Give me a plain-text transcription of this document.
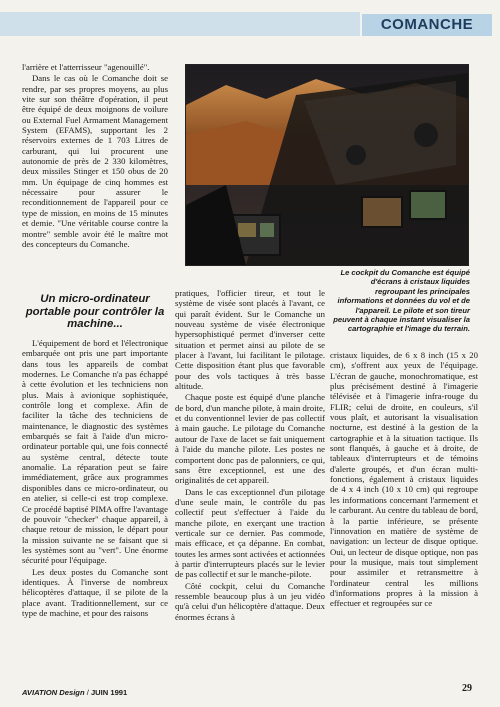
COMANCHE

l'arrière et l'atterrisseur "agenouillé".

Dans le cas où le Comanche doit se rendre, par ses propres moyens, au plus vite sur son théâtre d'opération, il peut être équipé de deux moignons de voilure ou External Fuel Armament Management System (EFAMS), supportant les 2 réservoirs externes de 1 703 Litres de carburant, qui lui procurent une autonomie de près de 2 330 kilomètres, deux missiles Stinger et 150 obus de 20 mm. Un équipage de cinq hommes est nécessaire pour assurer le reconditionnement de l'appareil pour ce type de mission, en moins de 15 minutes et demie. "Une véritable course contre la montre" semble avoir été le maître mot des concepteurs du Comanche.

Un micro-ordinateur portable pour contrôler la machine...

L'équipement de bord et l'électronique embarquée ont pris une part importante dans tous les appareils de combat modernes. Le Comanche n'a pas échappé à cette évolution et les techniciens non plus. Mais à avionique sophistiquée, contrôle long et complexe. Afin de faciliter la tâche des techniciens de maintenance, le diagnostic des systèmes embarqués se fait à l'aide d'un micro-ordinateur portable qui, une fois connecté au système central, détecte toute anomalie. La réparation peut se faire immédiatement, grâce aux programmes disponibles dans ce micro-ordinateur, ou en atelier, si celle-ci est trop complexe. Ce procédé baptisé PIMA offre l'avantage de pouvoir "checker" chaque appareil, à chaque retour de mission, le départ pour la mission suivante ne se faisant que si les systèmes sont au "vert". Une énorme sécurité pour l'équipage.

Les deux postes du Comanche sont identiques. À l'inverse de nombreux hélicoptères d'attaque, il se pilote de la place avant. Traditionnellement, sur ce type de machine, et pour des raisons

Le cockpit du Comanche est équipé d'écrans à cristaux liquides regroupant les principales informations et données du vol et de l'appareil. Le pilote et son tireur peuvent à chaque instant visualiser la cartographie et l'image du terrain.

pratiques, l'officier tireur, et tout le système de visée sont placés à l'avant, ce qui paraît évident. Sur le Comanche un nouveau système de visée électronique hypersophistiqué permet d'inverser cette situation et permet ainsi au pilote de se placer à l'avant, lui facilitant le pilotage. Cette disposition étant plus que favorable pour des vols tactiques à très basse altitude.

Chaque poste est équipé d'une planche de bord, d'un manche pilote, à main droite, et du conventionnel levier de pas collectif à main gauche. Le pilotage du Comanche autour de l'axe de lacet se fait uniquement à l'aide du manche pilote. Les postes ne comportent donc pas de palonniers, ce qui, sans être exceptionnel, est une des originalités de cet appareil.

Dans le cas exceptionnel d'un pilotage d'une seule main, le contrôle du pas collectif peut s'effectuer à l'aide du manche pilote, en exerçant une traction verticale sur ce dernier. Pas commode, mais efficace, et ça dépanne. En combat, toutes les armes sont activées et actionnées à partir d'interrupteurs placés sur le levier de pas collectif et sur le manche-pilote.

Côté cockpit, celui du Comanche ressemble beaucoup plus à un jeu vidéo qu'à celui d'un hélicoptère d'attaque. Deux énormes écrans à

cristaux liquides, de 6 x 8 inch (15 x 20 cm), s'offrent aux yeux de l'équipage. L'écran de gauche, monochromatique, est plus précisément destiné à l'imagerie télévisée et à l'imagerie infra-rouge du FLIR; celui de droite, en couleurs, s'il vous plaît, et autorisant la visualisation nocturne, est destiné à la gestion de la cartographie et à la situation tactique. Ils sont flanqués, à gauche et à droite, de tableaux d'interrupteurs et de témoins d'alerte groupés, et d'un écran multi-fonctions, également à cristaux liquides de 4 x 4 inch (10 x 10 cm) qui regroupe les informations concernant l'armement et le carburant. Au centre du tableau de bord, à la partie inférieure, se présente l'innovation en matière de système de navigation: un lecteur de disque optique. Oui, un lecteur de disque optique, non pas pour la musique, mais tout simplement pour assimiler et retransmettre à l'ordinateur central les millions d'informations propres à la mission à effectuer et regroupées sur ce

AVIATION Design / JUIN 1991	29
